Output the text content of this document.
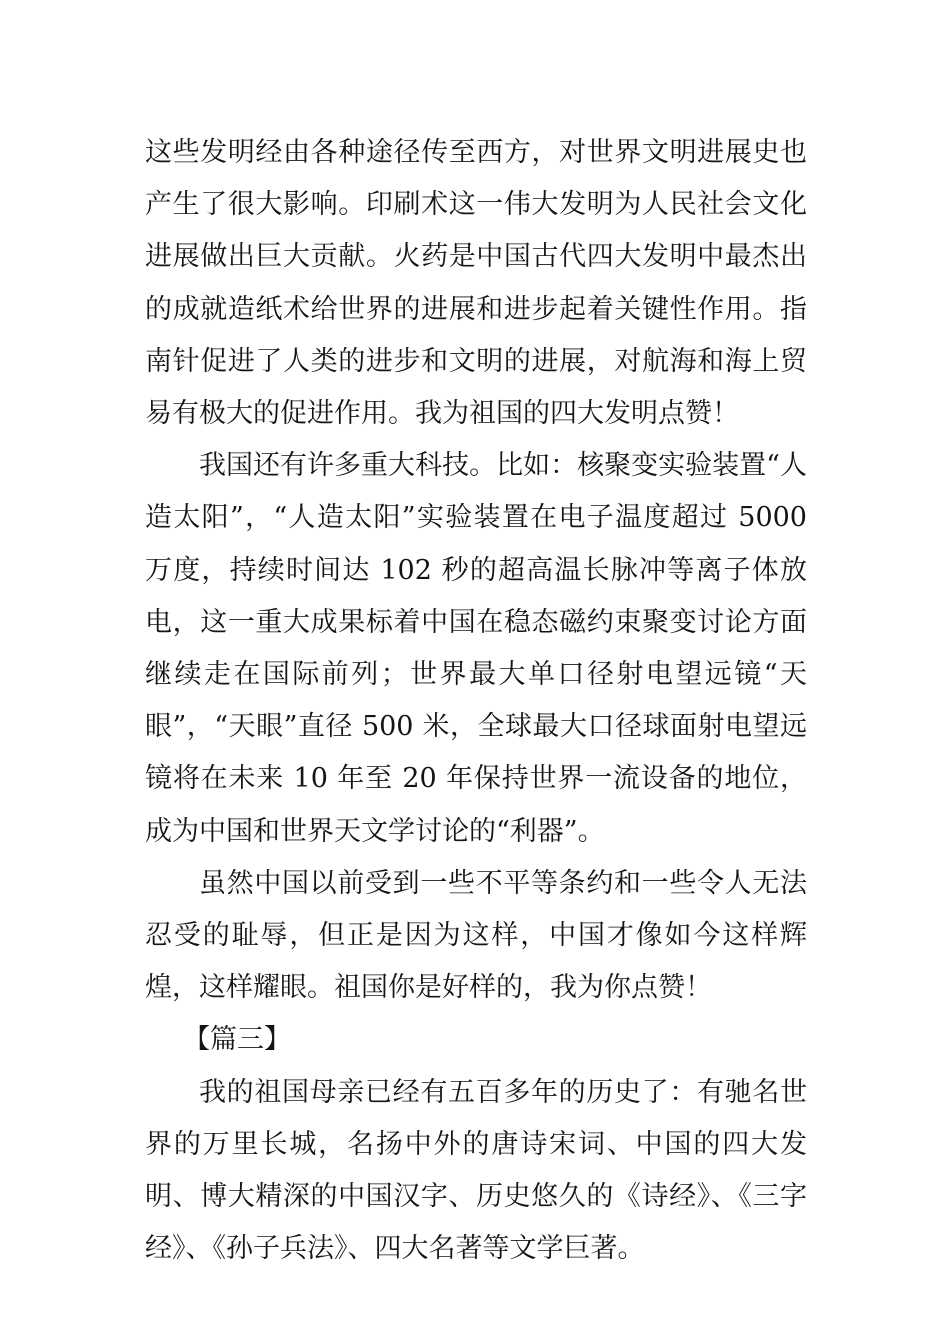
这些发明经由各种途径传至西方，对世界文明进展史也产生了很大影响。印刷术这一伟大发明为人民社会文化进展做出巨大贡献。火药是中国古代四大发明中最杰出的成就造纸术给世界的进展和进步起着关键性作用。指南针促进了人类的进步和文明的进展，对航海和海上贸易有极大的促进作用。我为祖国的四大发明点赞！

我国还有许多重大科技。比如：核聚变实验装置“人造太阳”，“人造太阳”实验装置在电子温度超过 5000 万度，持续时间达 102 秒的超高温长脉冲等离子体放电，这一重大成果标着中国在稳态磁约束聚变讨论方面继续走在国际前列；世界最大单口径射电望远镜“天眼”，“天眼”直径 500 米，全球最大口径球面射电望远镜将在未来 10 年至 20 年保持世界一流设备的地位，成为中国和世界天文学讨论的“利器”。

虽然中国以前受到一些不平等条约和一些令人无法忍受的耻辱，但正是因为这样，中国才像如今这样辉煌，这样耀眼。祖国你是好样的，我为你点赞！

【篇三】

我的祖国母亲已经有五百多年的历史了：有驰名世界的万里长城，名扬中外的唐诗宋词、中国的四大发明、博大精深的中国汉字、历史悠久的《诗经》、《三字经》、《孙子兵法》、四大名著等文学巨著。
